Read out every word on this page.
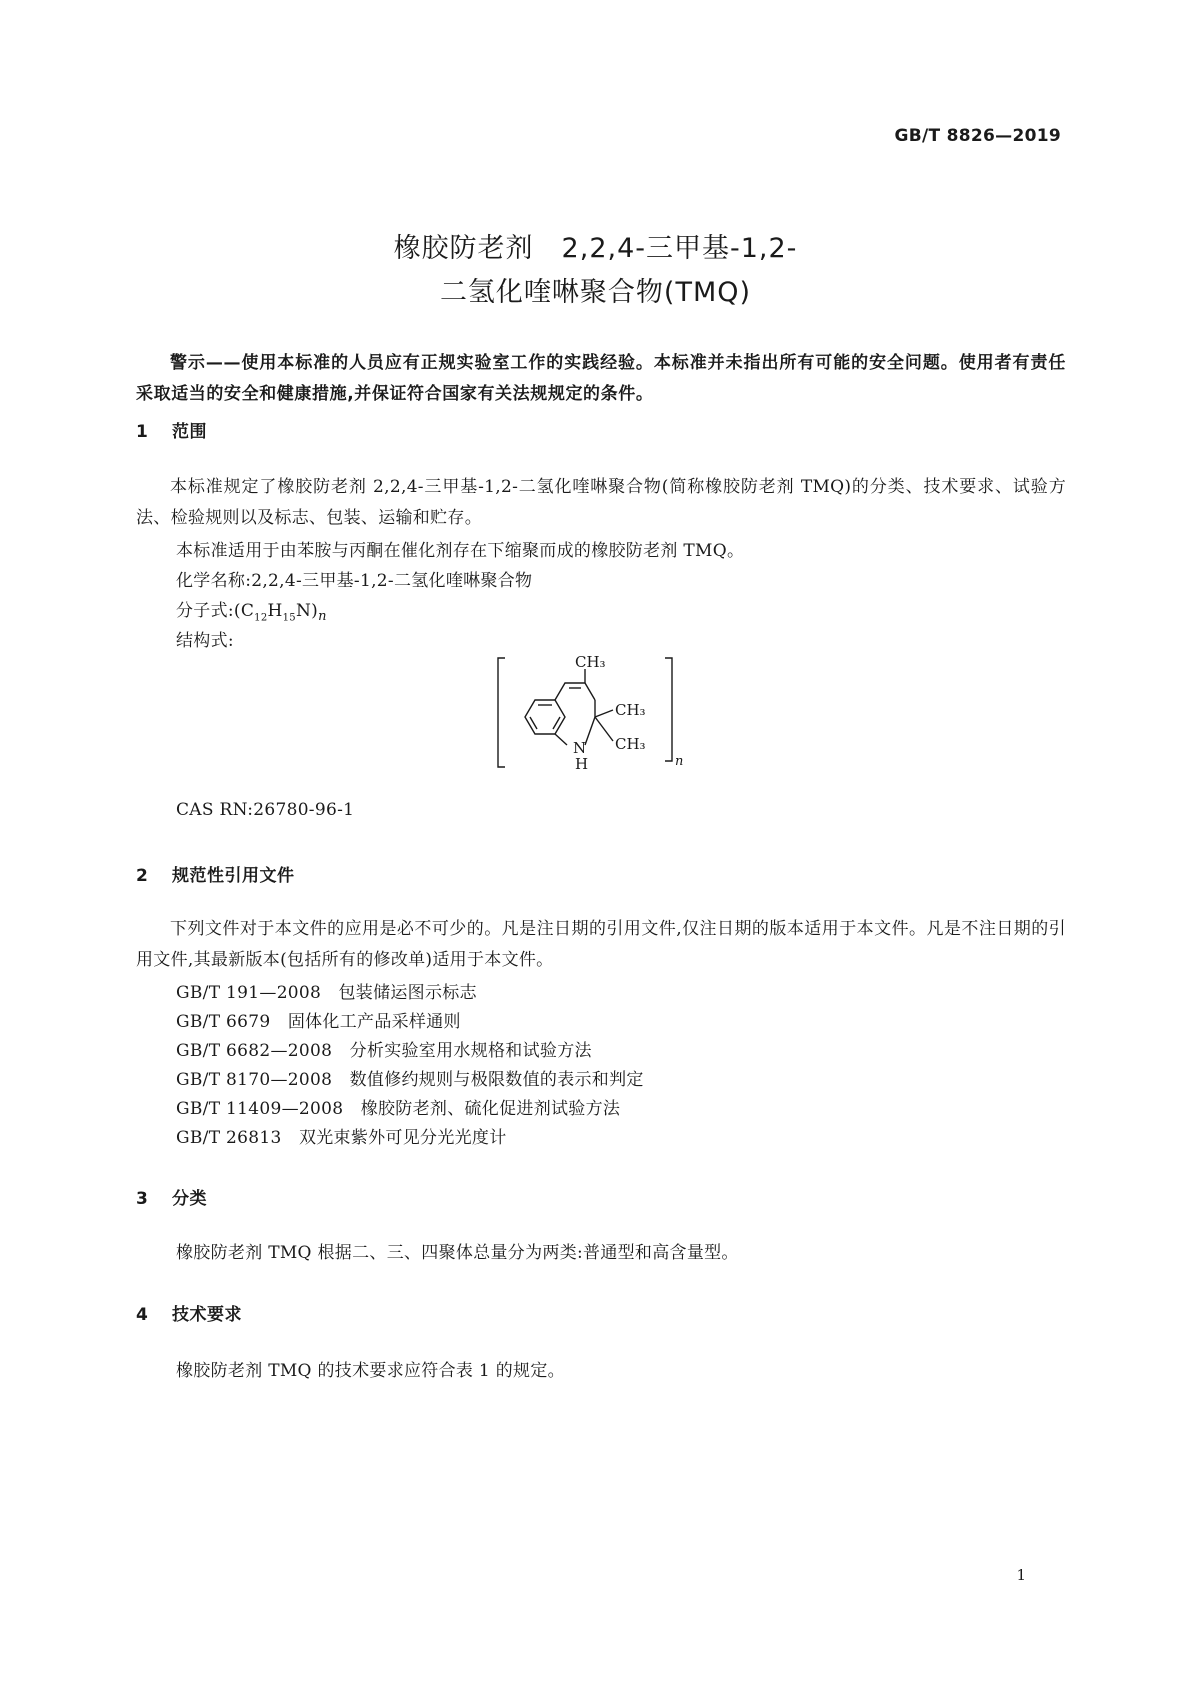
GB/T 8826—2019
橡胶防老剂　2,2,4-三甲基-1,2-
二氢化喹啉聚合物(TMQ)
警示——使用本标准的人员应有正规实验室工作的实践经验。本标准并未指出所有可能的安全问题。使用者有责任采取适当的安全和健康措施,并保证符合国家有关法规规定的条件。
1 范围
本标准规定了橡胶防老剂 2,2,4-三甲基-1,2-二氢化喹啉聚合物(简称橡胶防老剂 TMQ)的分类、技术要求、试验方法、检验规则以及标志、包装、运输和贮存。
本标准适用于由苯胺与丙酮在催化剂存在下缩聚而成的橡胶防老剂 TMQ。
化学名称:2,2,4-三甲基-1,2-二氢化喹啉聚合物
分子式$:(C_{12}H_{15}N)_n$
结构式:
CH₃
CH₃
CH₃
N
H	n
CAS RN:26780-96-1
2 规范性引用文件
下列文件对于本文件的应用是必不可少的。凡是注日期的引用文件,仅注日期的版本适用于本文件。凡是不注日期的引用文件,其最新版本(包括所有的修改单)适用于本文件。
GB/T 191—2008　 包装储运图示标志
GB/T 6679　 固体化工产品采样通则
GB/T 6682—2008　 分析实验室用水规格和试验方法
GB/T 8170—2008　 数值修约规则与极限数值的表示和判定
GB/T 11409—2008　 橡胶防老剂、硫化促进剂试验方法
GB/T 26813　 双光束紫外可见分光光度计
3 分类
橡胶防老剂 TMQ 根据二、三、四聚体总量分为两类:普通型和高含量型。
4 技术要求
橡胶防老剂 TMQ 的技术要求应符合表 1 的规定。
1
